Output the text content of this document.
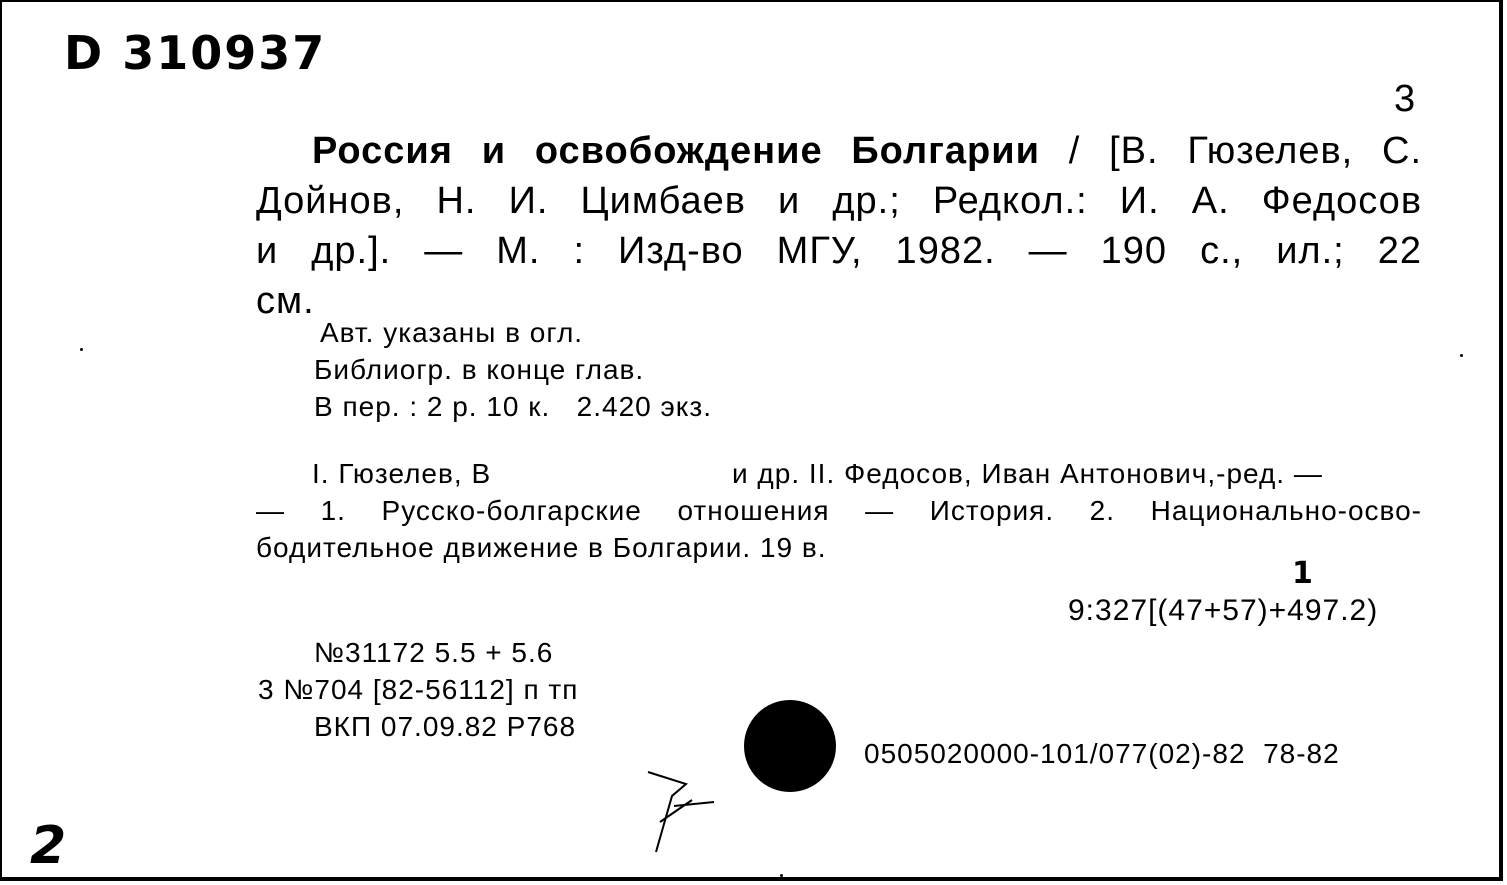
D 310937
3
Россия и освобождение Болгарии / [В. Гюзелев, С.
Дойнов, Н. И. Цимбаев и др.; Редкол.: И. А. Федосов
и др.]. — М. : Изд-во МГУ, 1982. — 190 с., ил.; 22
см.
Авт. указаны в огл.
Библиогр. в конце глав.
В пер. : 2 р. 10 к.   2.420 экз.
I. Гюзелев, В	и др. II. Федосов, Иван Антонович,-ред. —
— 1. Русско-болгарские отношения — История. 2. Национально-осво-
бодительное движение в Болгарии. 19 в.
9:327[(47+57)+497.2)
1
№31172 5.5 + 5.6
3 №704 [82-56112] п тп
ВКП 07.09.82 Р768
0505020000-101/077(02)-82  78-82
2
